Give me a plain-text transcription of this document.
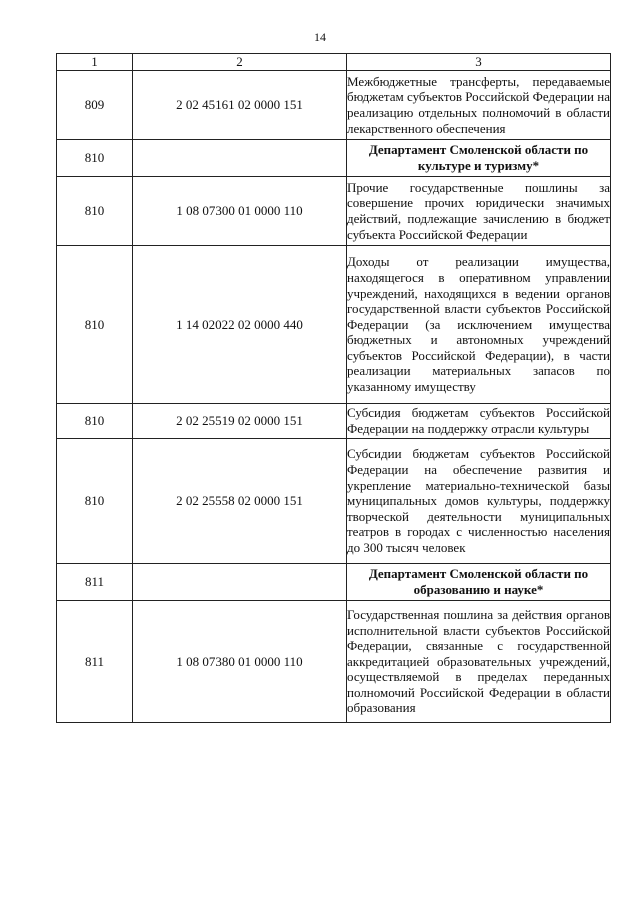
14
1	2	3
809	2 02 45161 02 0000 151	Межбюджетные трансферты, передаваемые бюджетам субъектов Российской Федерации на реализацию отдельных полномочий в области лекарственного обеспечения
810		Департамент Смоленской области по культуре и туризму*
810	1 08 07300 01 0000 110	Прочие государственные пошлины за совершение прочих юридически значимых действий, подлежащие зачислению в бюджет субъекта Российской Федерации
810	1 14 02022 02 0000 440	Доходы от реализации имущества, находящегося в оперативном управлении учреждений, находящихся в ведении органов государственной власти субъектов Российской Федерации (за исключением имущества бюджетных и автономных учреждений субъектов Российской Федерации), в части реализации материальных запасов по указанному имуществу
810	2 02 25519 02 0000 151	Субсидия бюджетам субъектов Российской Федерации на поддержку отрасли культуры
810	2 02 25558 02 0000 151	Субсидии бюджетам субъектов Российской Федерации на обеспечение развития и укрепление материально-технической базы муниципальных домов культуры, поддержку творческой деятельности муниципальных театров в городах с численностью населения до 300 тысяч человек
811		Департамент Смоленской области по образованию и науке*
811	1 08 07380 01 0000 110	Государственная пошлина за действия органов исполнительной власти субъектов Российской Федерации, связанные с государственной аккредитацией образовательных учреждений, осуществляемой в пределах переданных полномочий Российской Федерации в области образования
